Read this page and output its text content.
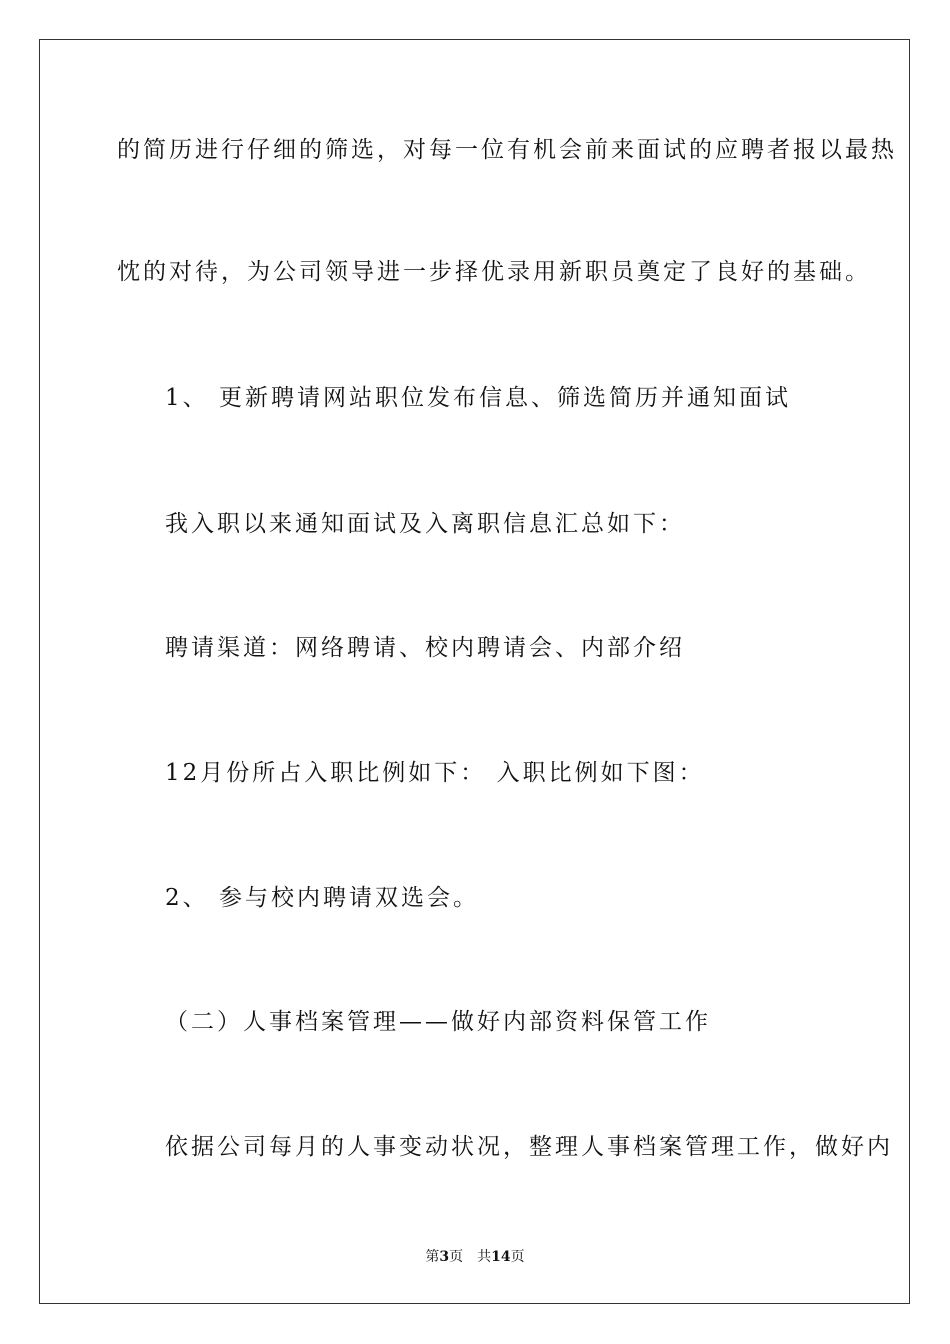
的简历进行仔细的筛选，对每一位有机会前来面试的应聘者报以最热
忱的对待，为公司领导进一步择优录用新职员奠定了良好的基础。
1、 更新聘请网站职位发布信息、筛选简历并通知面试
我入职以来通知面试及入离职信息汇总如下：
聘请渠道：网络聘请、校内聘请会、内部介绍
12月份所占入职比例如下： 入职比例如下图：
2、 参与校内聘请双选会。
（二）人事档案管理——做好内部资料保管工作
依据公司每月的人事变动状况，整理人事档案管理工作，做好内
第3页 共14页
